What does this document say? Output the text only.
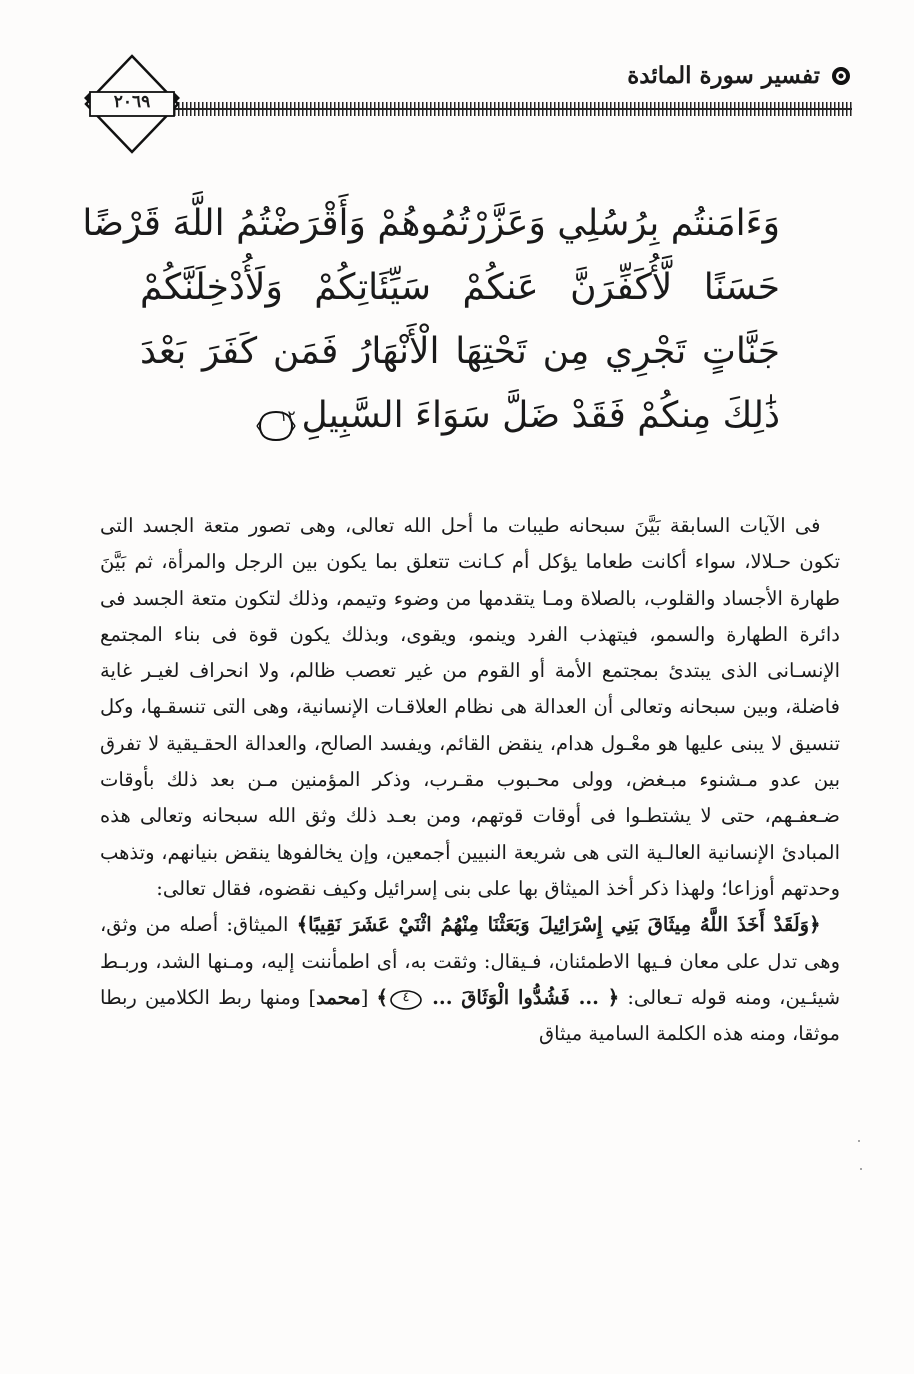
تفسير سورة المائدة
٢٠٦٩
وَءَامَنتُم بِرُسُلِي وَعَزَّرْتُمُوهُمْ وَأَقْرَضْتُمُ اللَّهَ قَرْضًا
حَسَنًا لَّأُكَفِّرَنَّ عَنكُمْ سَيِّئَاتِكُمْ وَلَأُدْخِلَنَّكُمْ
جَنَّاتٍ تَجْرِي مِن تَحْتِهَا الْأَنْهَارُ فَمَن كَفَرَ بَعْدَ
ذَٰلِكَ مِنكُمْ فَقَدْ ضَلَّ سَوَاءَ السَّبِيلِ
١٢

 فى الآيات السابقة بَيَّنَ سبحانه طيبات ما أحل الله تعالى، وهى تصور متعة الجسد التى تكون حـلالا، سواء أكانت طعاما يؤكل أم كـانت تتعلق بما يكون بين الرجل والمرأة، ثم بَيَّنَ طهارة الأجساد والقلوب، بالصلاة ومـا يتقدمها من وضوء وتيمم، وذلك لتكون متعة الجسد فى دائرة الطهارة والسمو، فيتهذب الفرد وينمو، ويقوى، وبذلك يكون قوة فى بناء المجتمع الإنسـانى الذى يبتدئ بمجتمع الأمة أو القوم من غير تعصب ظالم، ولا انحراف لغيـر غاية فاضلة، وبين سبحانه وتعالى أن العدالة هى نظام العلاقـات الإنسانية، وهى التى تنسقـها، وكل تنسيق لا يبنى عليها هو معْـول هدام، ينقض القائم، ويفسد الصالح، والعدالة الحقـيقية لا تفرق بين عدو مـشنوء مبـغض، وولى محـبوب مقـرب، وذكر المؤمنين مـن بعد ذلك بأوقات ضـعفـهم، حتى لا يشتطـوا فى أوقات قوتهم، ومن بعـد ذلك وثق الله سبحانه وتعالى هذه المبادئ الإنسانية العالـية التى هى شريعة النبيين أجمعين، وإن يخالفوها ينقض بنيانهم، وتذهب وحدتهم أوزاعا؛ ولهذا ذكر أخذ الميثاق بها على بنى إسرائيل وكيف نقضوه، فقال تعالى:

 ﴿وَلَقَدْ أَخَذَ اللَّهُ مِيثَاقَ بَنِي إِسْرَائِيلَ وَبَعَثْنَا مِنْهُمُ اثْنَيْ عَشَرَ نَقِيبًا﴾ الميثاق: أصله من وثق، وهى تدل على معان فـيها الاطمئنان، فـيقال: وثقت به، أى اطمأننت إليه، ومـنها الشد، وربـط شيئـين، ومنه قوله تـعالى: ﴿ ... فَشُدُّوا الْوَثَاقَ ...
٤
﴾ [محمد] ومنها ربط الكلامين ربطا موثقا، ومنه هذه الكلمة السامية ميثاق
